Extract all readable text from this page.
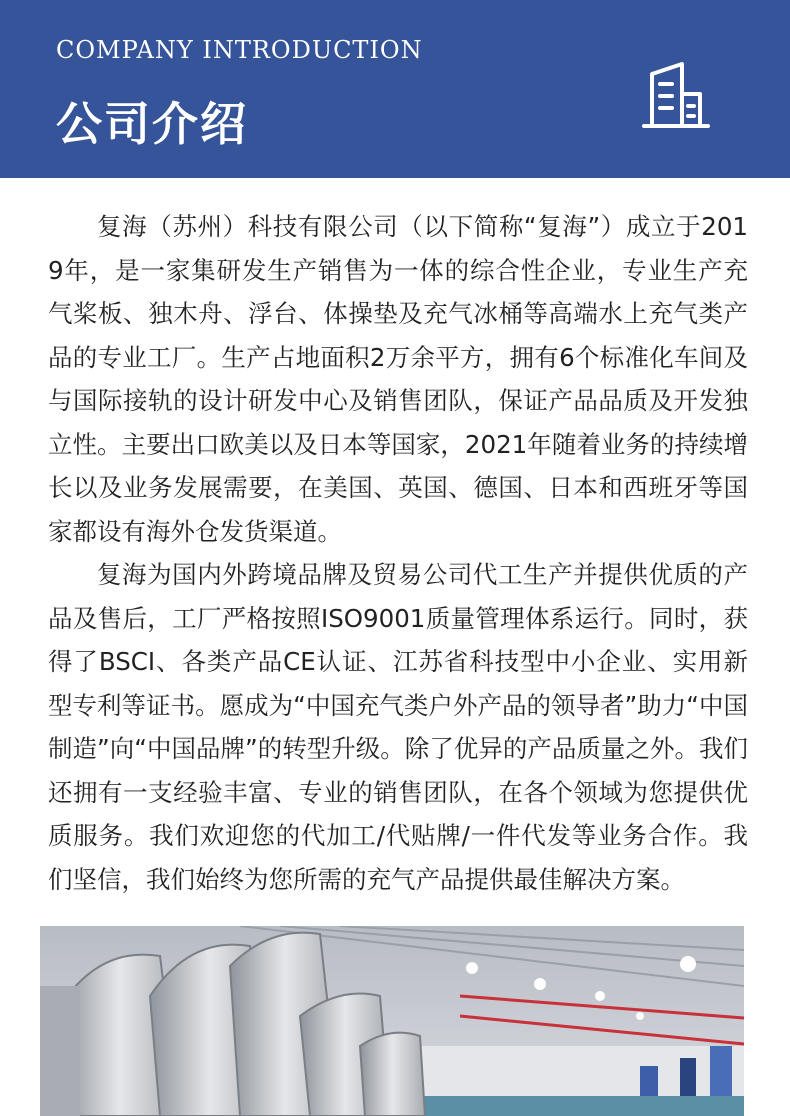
COMPANY INTRODUCTION
公司介绍

复海（苏州）科技有限公司（以下简称“复海”）成立于2019年，是一家集研发生产销售为一体的综合性企业，专业生产充气桨板、独木舟、浮台、体操垫及充气冰桶等高端水上充气类产品的专业工厂。生产占地面积2万余平方，拥有6个标准化车间及与国际接轨的设计研发中心及销售团队，保证产品品质及开发独立性。主要出口欧美以及日本等国家，2021年随着业务的持续增长以及业务发展需要，在美国、英国、德国、日本和西班牙等国家都设有海外仓发货渠道。

复海为国内外跨境品牌及贸易公司代工生产并提供优质的产品及售后，工厂严格按照ISO9001质量管理体系运行。同时，获得了BSCI、各类产品CE认证、江苏省科技型中小企业、实用新型专利等证书。愿成为“中国充气类户外产品的领导者”助力“中国制造”向“中国品牌”的转型升级。除了优异的产品质量之外。我们还拥有一支经验丰富、专业的销售团队，在各个领域为您提供优质服务。我们欢迎您的代加工/代贴牌/一件代发等业务合作。我们坚信，我们始终为您所需的充气产品提供最佳解决方案。
